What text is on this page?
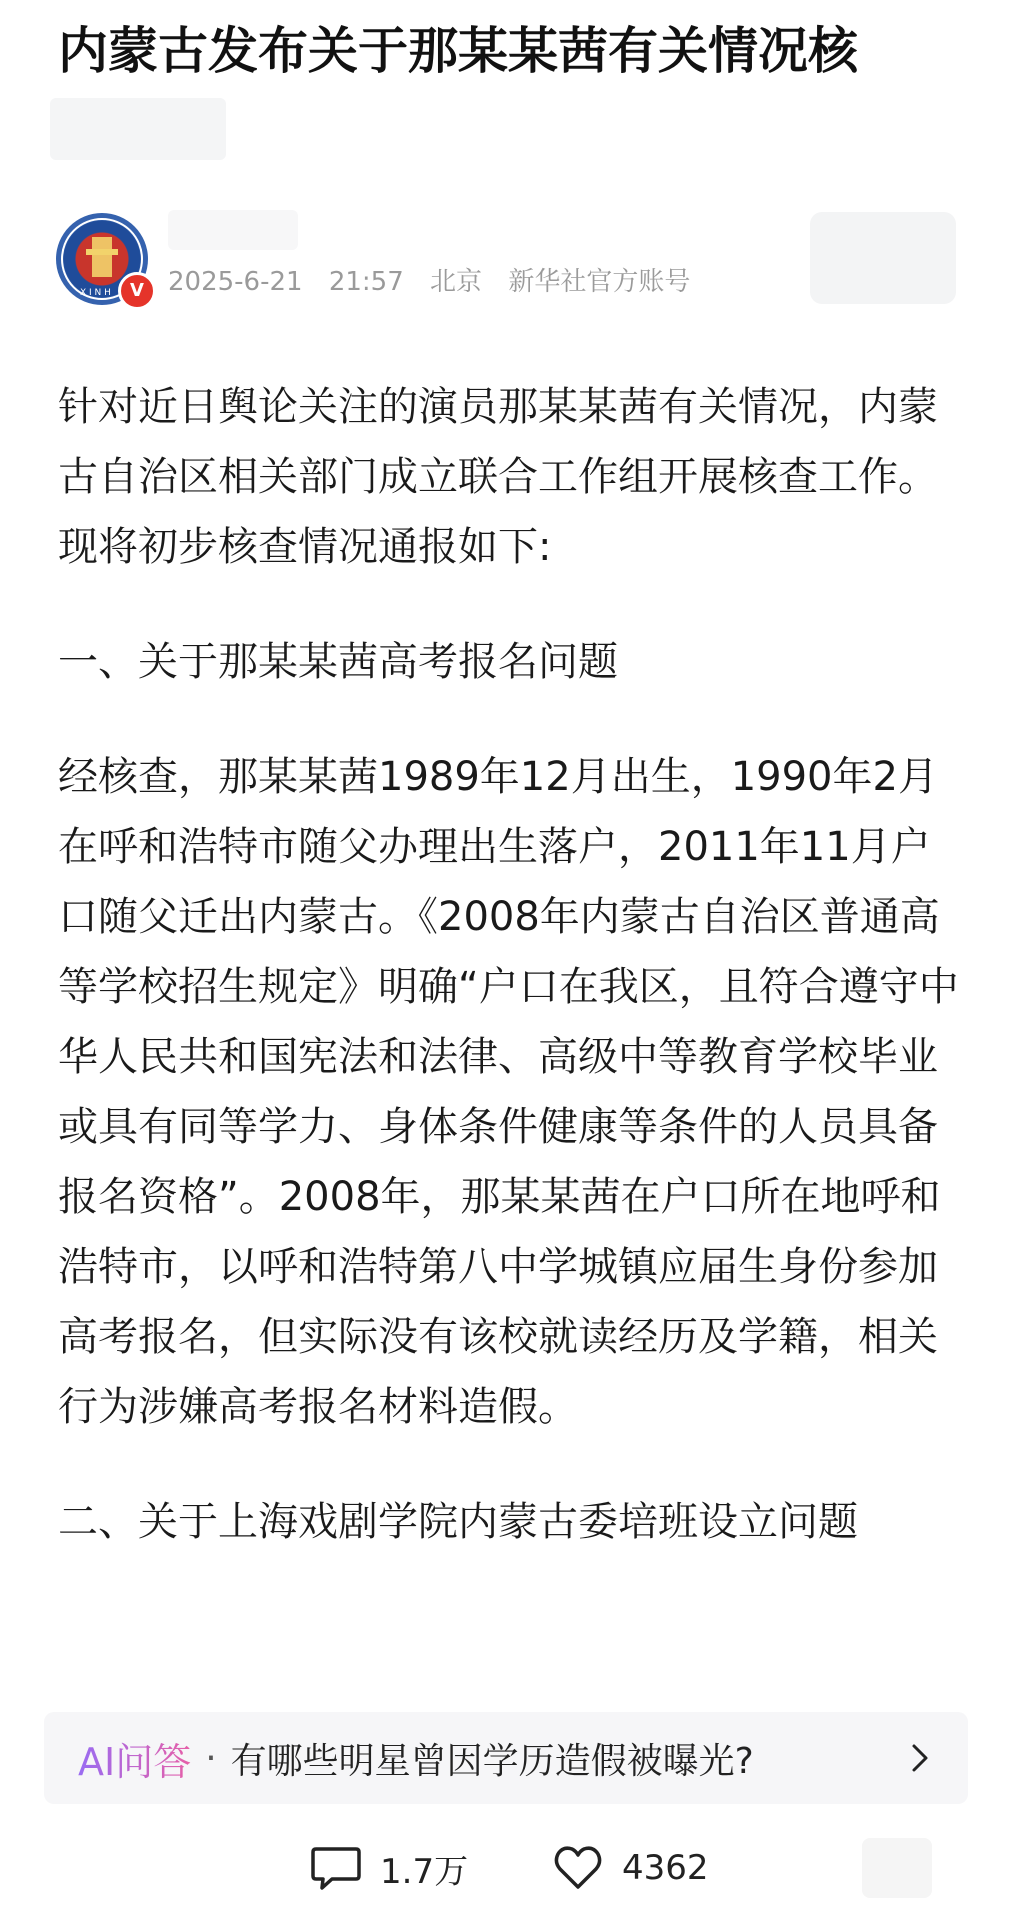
内蒙古发布关于那某某茜有关情况核
X I N H	V 2025-6-21 21:57 北京 新华社官方账号

针对近日舆论关注的演员那某某茜有关情况，内蒙古自治区相关部门成立联合工作组开展核查工作。现将初步核查情况通报如下:

一、关于那某某茜高考报名问题

经核查，那某某茜1989年12月出生，1990年2月在呼和浩特市随父办理出生落户，2011年11月户口随父迁出内蒙古。《2008年内蒙古自治区普通高等学校招生规定》明确“户口在我区，且符合遵守中华人民共和国宪法和法律、高级中等教育学校毕业或具有同等学力、身体条件健康等条件的人员具备报名资格”。2008年，那某某茜在户口所在地呼和浩特市，以呼和浩特第八中学城镇应届生身份参加高考报名，但实际没有该校就读经历及学籍，相关行为涉嫌高考报名材料造假。

二、关于上海戏剧学院内蒙古委培班设立问题

AI问答 · 有哪些明星曾因学历造假被曝光?
1.7万	4362
